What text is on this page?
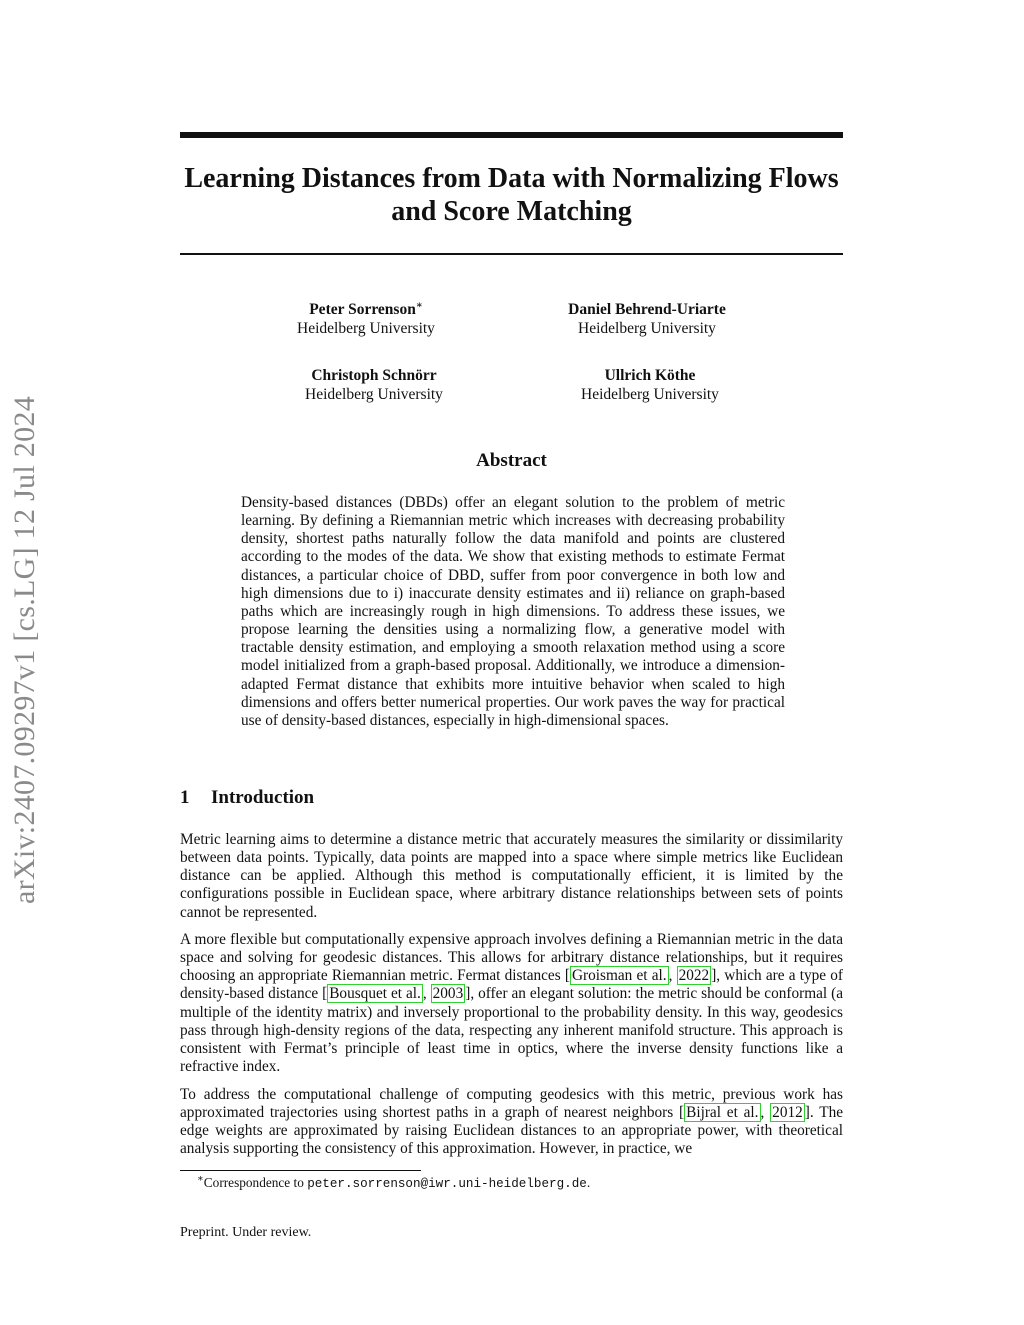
arXiv:2407.09297v1 [cs.LG] 12 Jul 2024
Learning Distances from Data with Normalizing Flows
and Score Matching
Peter Sorrenson∗
Heidelberg University
Daniel Behrend-Uriarte
Heidelberg University
Christoph Schnörr
Heidelberg University
Ullrich Köthe
Heidelberg University
Abstract
Density-based distances (DBDs) offer an elegant solution to the problem of metric learning. By defining a Riemannian metric which increases with decreasing probability density, shortest paths naturally follow the data manifold and points are clustered according to the modes of the data. We show that existing methods to estimate Fermat distances, a particular choice of DBD, suffer from poor convergence in both low and high dimensions due to i) inaccurate density estimates and ii) reliance on graph-based paths which are increasingly rough in high dimensions. To address these issues, we propose learning the densities using a normalizing flow, a generative model with tractable density estimation, and employing a smooth relaxation method using a score model initialized from a graph-based proposal. Additionally, we introduce a dimension-adapted Fermat distance that exhibits more intuitive behavior when scaled to high dimensions and offers better numerical properties. Our work paves the way for practical use of density-based distances, especially in high-dimensional spaces.
1 Introduction
Metric learning aims to determine a distance metric that accurately measures the similarity or dissimilarity between data points. Typically, data points are mapped into a space where simple metrics like Euclidean distance can be applied. Although this method is computationally efficient, it is limited by the configurations possible in Euclidean space, where arbitrary distance relationships between sets of points cannot be represented.
A more flexible but computationally expensive approach involves defining a Riemannian metric in the data space and solving for geodesic distances. This allows for arbitrary distance relationships, but it requires choosing an appropriate Riemannian metric. Fermat distances [ Groisman et al. , 2022 ], which are a type of density-based distance [ Bousquet et al. , 2003 ], offer an elegant solution: the metric should be conformal (a multiple of the identity matrix) and inversely proportional to the probability density. In this way, geodesics pass through high-density regions of the data, respecting any inherent manifold structure. This approach is consistent with Fermat’s principle of least time in optics, where the inverse density functions like a refractive index.
To address the computational challenge of computing geodesics with this metric, previous work has approximated trajectories using shortest paths in a graph of nearest neighbors [ Bijral et al. , 2012 ]. The edge weights are approximated by raising Euclidean distances to an appropriate power, with theoretical analysis supporting the consistency of this approximation. However, in practice, we
∗Correspondence to peter.sorrenson@iwr.uni-heidelberg.de.
Preprint. Under review.
